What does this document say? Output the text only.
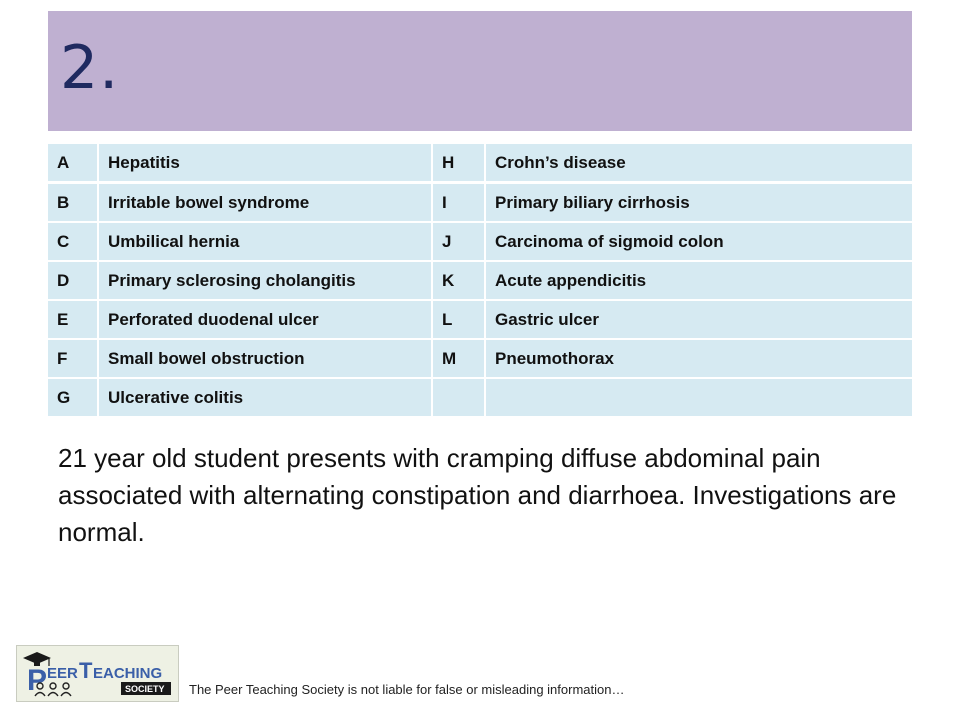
2.
A	Hepatitis	H	Crohn’s disease
B	Irritable bowel syndrome	I	Primary biliary cirrhosis
C	Umbilical hernia	J	Carcinoma of sigmoid colon
D	Primary sclerosing cholangitis	K	Acute appendicitis
E	Perforated duodenal ulcer	L	Gastric ulcer
F	Small bowel obstruction	M	Pneumothorax
G	Ulcerative colitis		
21 year old student presents with cramping diffuse abdominal pain associated with alternating constipation and diarrhoea. Investigations are normal.
P EER T EACHING
SOCIETY The Peer Teaching Society is not liable for false or misleading information…
